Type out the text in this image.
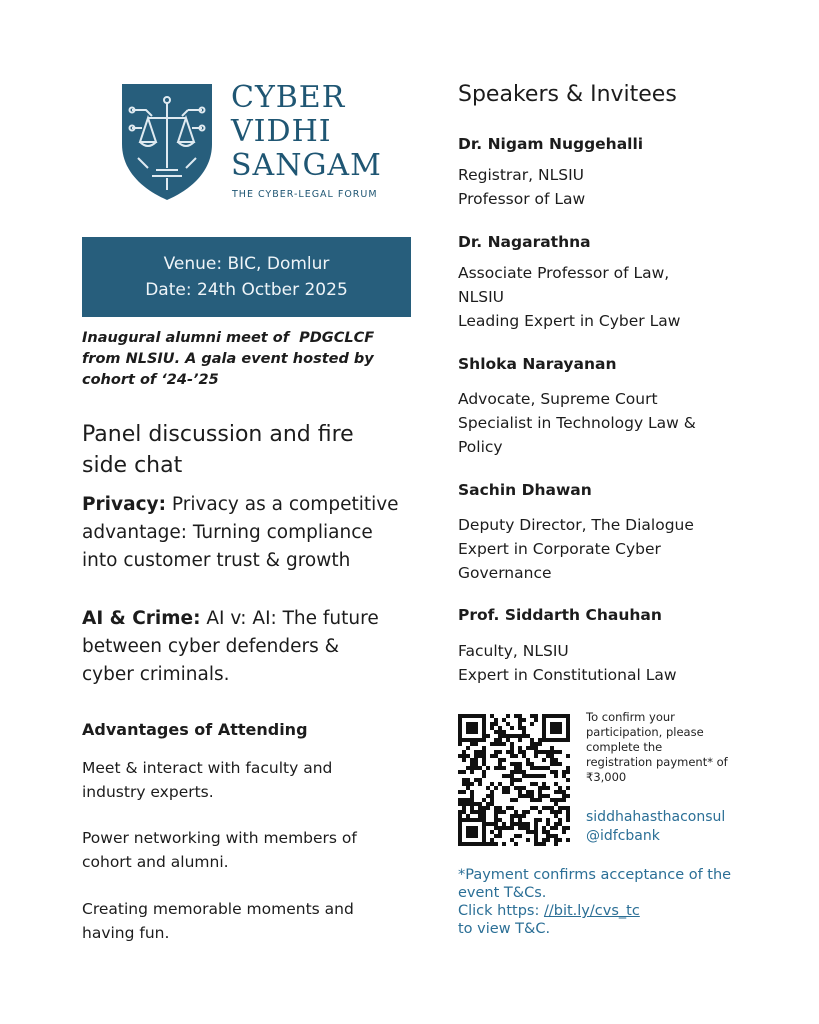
CYBER
VIDHI
SANGAM
THE CYBER-LEGAL FORUM
Venue: BIC, Domlur
Date: 24th Octber 2025
Inaugural alumni meet of  PDGCLCF
from NLSIU. A gala event hosted by
cohort of ‘24-’25
Panel discussion and fire
side chat
Privacy: Privacy as a competitive
advantage: Turning compliance
into customer trust & growth
AI & Crime: AI v: AI: The future
between cyber defenders &
cyber criminals.
Advantages of Attending
Meet & interact with faculty and
industry experts.
Power networking with members of
cohort and alumni.
Creating memorable moments and
having fun.
Speakers & Invitees
Dr. Nigam Nuggehalli
Registrar, NLSIU
Professor of Law
Dr. Nagarathna
Associate Professor of Law,
NLSIU
Leading Expert in Cyber Law
Shloka Narayanan
Advocate, Supreme Court
Specialist in Technology Law &
Policy
Sachin Dhawan
Deputy Director, The Dialogue
Expert in Corporate Cyber
Governance
Prof. Siddarth Chauhan
Faculty, NLSIU
Expert in Constitutional Law
To confirm your
participation, please
complete the
registration payment* of
₹3,000
siddhahasthaconsul
@idfcbank
*Payment confirms acceptance of the
event T&Cs.
Click https: //bit.ly/cvs_tc
to view T&C.
